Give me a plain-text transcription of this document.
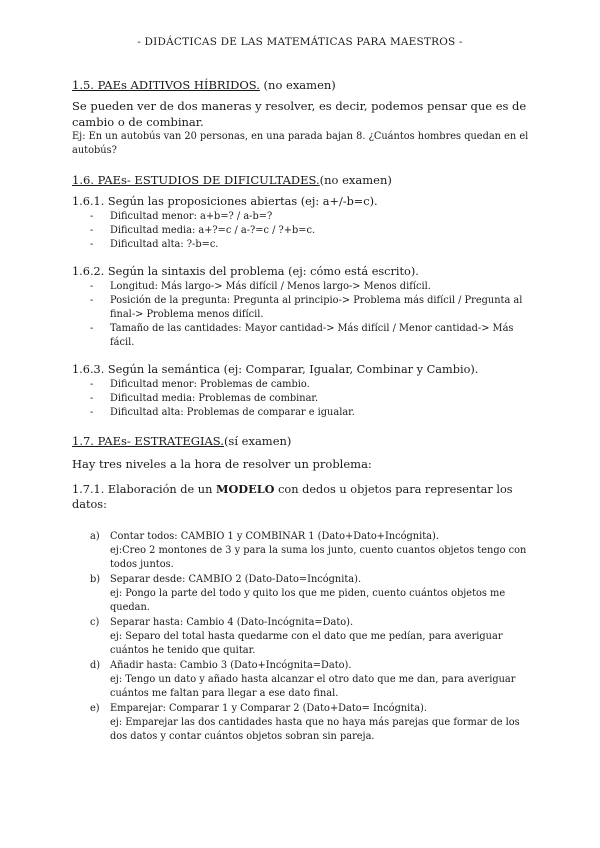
- DIDÁCTICAS DE LAS MATEMÁTICAS PARA MAESTROS -

1.5. PAEs ADITIVOS HÍBRIDOS. (no examen)

Se pueden ver de dos maneras y resolver, es decir, podemos pensar que es de cambio o de combinar.

Ej: En un autobús van 20 personas, en una parada bajan 8. ¿Cuántos hombres quedan en el autobús?

1.6. PAEs- ESTUDIOS DE DIFICULTADES.(no examen)

1.6.1. Según las proposiciones abiertas (ej: a+/-b=c).

- Dificultad menor: a+b=? / a-b=?
- Dificultad media: a+?=c / a-?=c / ?+b=c.
- Dificultad alta: ?-b=c.

1.6.2. Según la sintaxis del problema (ej: cómo está escrito).

- Longitud: Más largo-> Más difícil / Menos largo-> Menos difícil.
- Posición de la pregunta: Pregunta al principio-> Problema más difícil / Pregunta al final-> Problema menos difícil.
- Tamaño de las cantidades: Mayor cantidad-> Más difícil / Menor cantidad-> Más fácil.

1.6.3. Según la semántica (ej: Comparar, Igualar, Combinar y Cambio).

- Dificultad menor: Problemas de cambio.
- Dificultad media: Problemas de combinar.
- Dificultad alta: Problemas de comparar e igualar.

1.7. PAEs- ESTRATEGIAS.(sí examen)

Hay tres niveles a la hora de resolver un problema:

1.7.1. Elaboración de un MODELO con dedos u objetos para representar los datos:

a) Contar todos: CAMBIO 1 y COMBINAR 1 (Dato+Dato+Incógnita).
ej:Creo 2 montones de 3 y para la suma los junto, cuento cuantos objetos tengo con todos juntos.
b) Separar desde: CAMBIO 2 (Dato-Dato=Incógnita).
ej: Pongo la parte del todo y quito los que me piden, cuento cuántos objetos me quedan.
c) Separar hasta: Cambio 4 (Dato-Incógnita=Dato).
ej: Separo del total hasta quedarme con el dato que me pedían, para averiguar cuántos he tenido que quitar.
d) Añadir hasta: Cambio 3 (Dato+Incógnita=Dato).
ej: Tengo un dato y añado hasta alcanzar el otro dato que me dan, para averiguar cuántos me faltan para llegar a ese dato final.
e) Emparejar: Comparar 1 y Comparar 2 (Dato+Dato= Incógnita).
ej: Emparejar las dos cantidades hasta que no haya más parejas que formar de los dos datos y contar cuántos objetos sobran sin pareja.
